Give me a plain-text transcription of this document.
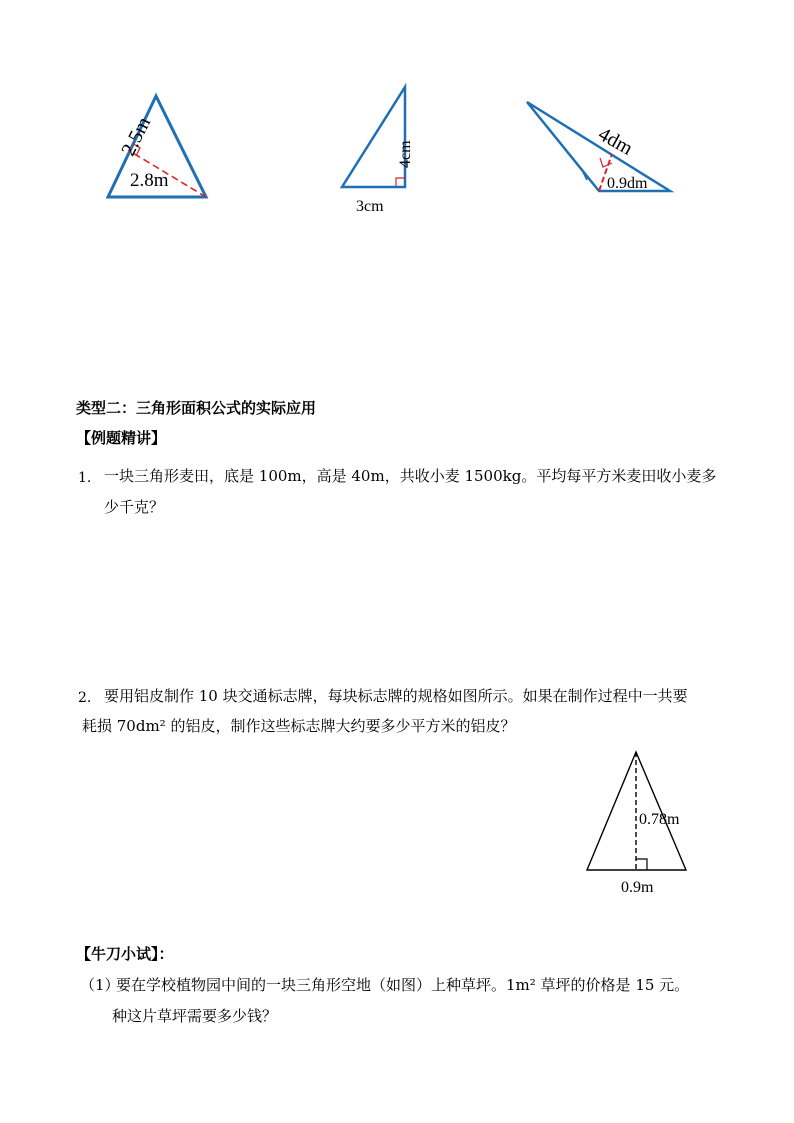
2.5m
2.8m
4cm
3cm
4dm
0.9dm
0.78m
0.9m
类型二：三角形面积公式的实际应用
【例题精讲】
1. 一块三角形麦田，底是 100m，高是 40m，共收小麦 1500kg。平均每平方米麦田收小麦多
少千克？
2. 要用铝皮制作 10 块交通标志牌，每块标志牌的规格如图所示。如果在制作过程中一共要
耗损 70dm² 的铝皮，制作这些标志牌大约要多少平方米的铝皮？
【牛刀小试】：
（1）
要在学校植物园中间的一块三角形空地（如图）上种草坪。1m² 草坪的价格是 15 元。
种这片草坪需要多少钱？
